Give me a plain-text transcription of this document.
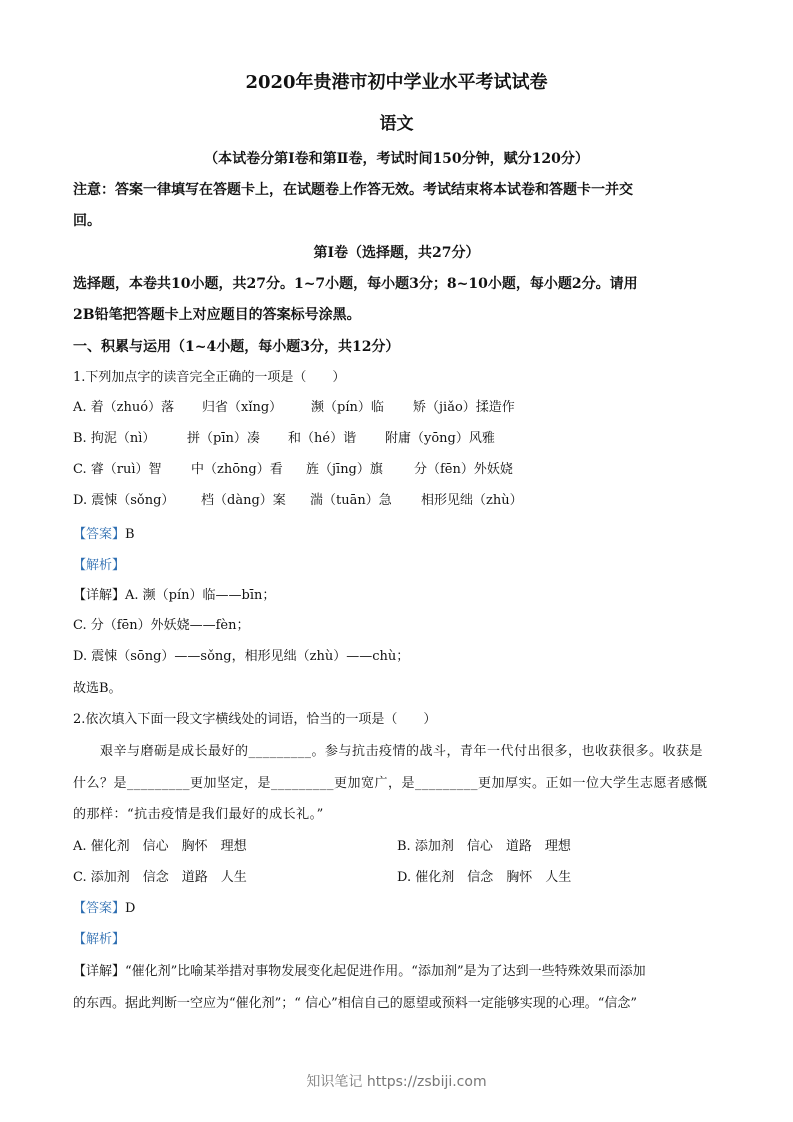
2020年贵港市初中学业水平考试试卷
语文
（本试卷分第Ⅰ卷和第Ⅱ卷，考试时间150分钟，赋分120分）
注意：答案一律填写在答题卡上，在试题卷上作答无效。考试结束将本试卷和答题卡一并交
回。
第Ⅰ卷（选择题，共27分）
选择题，本卷共10小题，共27分。1~7小题，每小题3分；8~10小题，每小题2分。请用
2B铅笔把答题卡上对应题目的答案标号涂黑。
一、积累与运用（1~4小题，每小题3分，共12分）
1.下列加点字的读音完全正确的一项是（　　）
A. 着（zhuó）落 归省（xǐng） 濒（pín）临 矫（jiǎo）揉造作
B. 拘泥（nì） 拼（pīn）凑 和（hé）谐 附庸（yōng）风雅
C. 睿（ruì）智 中（zhōng）看 旌（jīng）旗 分（fēn）外妖娆
D. 震悚（sǒng） 档（dàng）案 湍（tuān）急 相形见绌（zhù）
【答案】B
【解析】
【详解】A. 濒（pín）临——bīn；
C. 分（fēn）外妖娆——fèn；
D. 震悚（sōng）——sǒng，相形见绌（zhù）——chù；
故选B。
2.依次填入下面一段文字横线处的词语，恰当的一项是（　　）
艰辛与磨砺是成长最好的_________。参与抗击疫情的战斗，青年一代付出很多，也收获很多。收获是
什么？是_________更加坚定，是_________更加宽广，是_________更加厚实。正如一位大学生志愿者感慨
的那样：“抗击疫情是我们最好的成长礼。”
A. 催化剂　信心　胸怀　理想	B. 添加剂　信心　道路　理想
C. 添加剂　信念　道路　人生	D. 催化剂　信念　胸怀　人生
【答案】D
【解析】
【详解】“催化剂”比喻某举措对事物发展变化起促进作用。“添加剂”是为了达到一些特殊效果而添加
的东西。据此判断一空应为“催化剂”；“ 信心”相信自己的愿望或预料一定能够实现的心理。“信念”
知识笔记 https://zsbiji.com
